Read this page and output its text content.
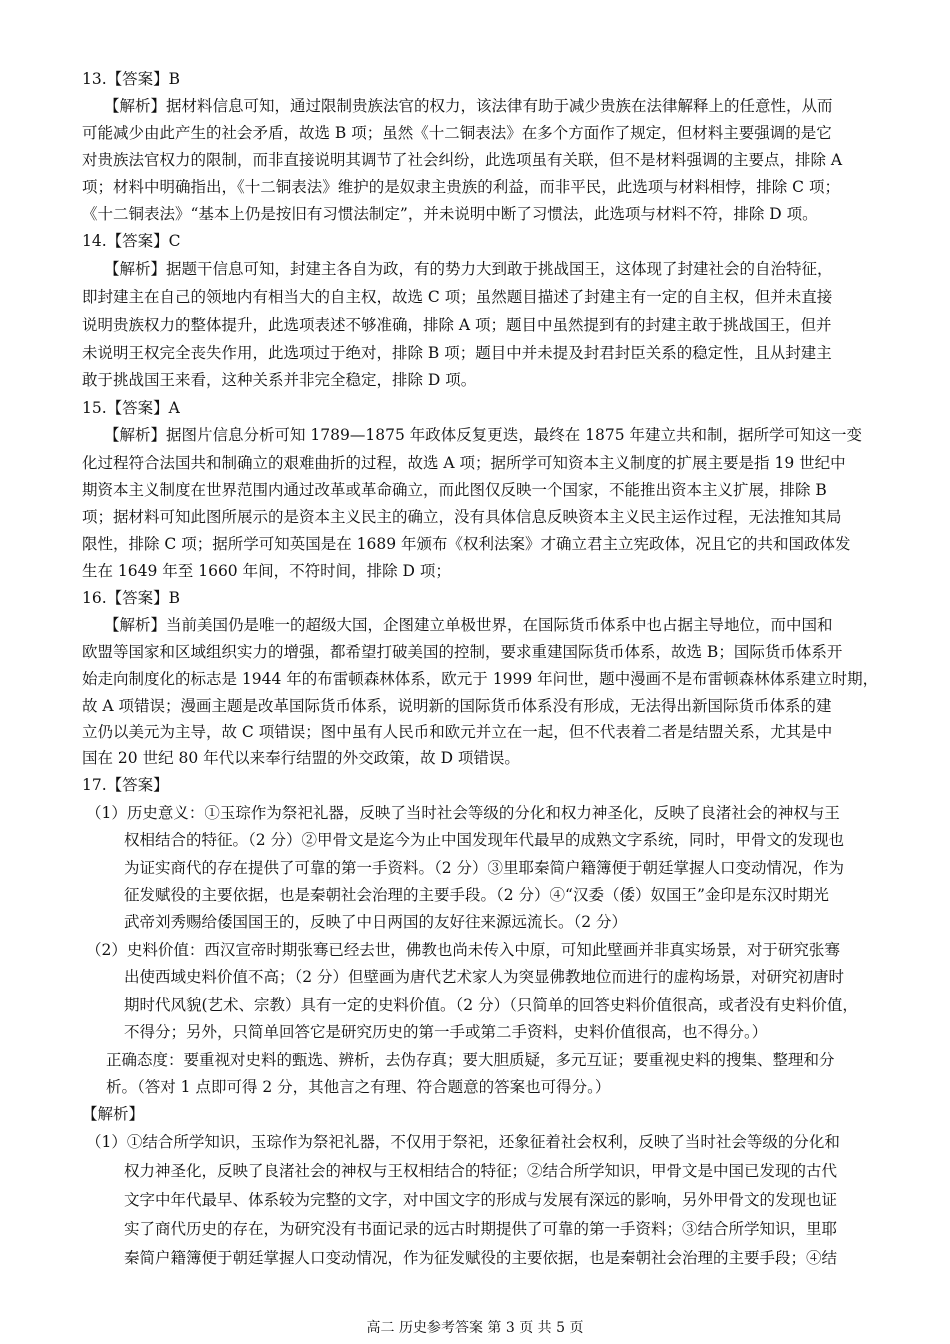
13.【答案】B
【解析】据材料信息可知，通过限制贵族法官的权力，该法律有助于减少贵族在法律解释上的任意性，从而
可能减少由此产生的社会矛盾，故选 B 项；虽然《十二铜表法》在多个方面作了规定，但材料主要强调的是它
对贵族法官权力的限制，而非直接说明其调节了社会纠纷，此选项虽有关联，但不是材料强调的主要点，排除 A
项；材料中明确指出，《十二铜表法》维护的是奴隶主贵族的利益，而非平民，此选项与材料相悖，排除 C 项；
《十二铜表法》“基本上仍是按旧有习惯法制定”，并未说明中断了习惯法，此选项与材料不符，排除 D 项。
14.【答案】C
【解析】据题干信息可知，封建主各自为政，有的势力大到敢于挑战国王，这体现了封建社会的自治特征，
即封建主在自己的领地内有相当大的自主权，故选 C 项；虽然题目描述了封建主有一定的自主权，但并未直接
说明贵族权力的整体提升，此选项表述不够准确，排除 A 项；题目中虽然提到有的封建主敢于挑战国王，但并
未说明王权完全丧失作用，此选项过于绝对，排除 B 项；题目中并未提及封君封臣关系的稳定性，且从封建主
敢于挑战国王来看，这种关系并非完全稳定，排除 D 项。
15.【答案】A
【解析】据图片信息分析可知 1789—1875 年政体反复更迭，最终在 1875 年建立共和制，据所学可知这一变
化过程符合法国共和制确立的艰难曲折的过程，故选 A 项；据所学可知资本主义制度的扩展主要是指 19 世纪中
期资本主义制度在世界范围内通过改革或革命确立，而此图仅反映一个国家，不能推出资本主义扩展，排除 B
项；据材料可知此图所展示的是资本主义民主的确立，没有具体信息反映资本主义民主运作过程，无法推知其局
限性，排除 C 项；据所学可知英国是在 1689 年颁布《权利法案》才确立君主立宪政体，况且它的共和国政体发
生在 1649 年至 1660 年间，不符时间，排除 D 项；
16.【答案】B
【解析】当前美国仍是唯一的超级大国，企图建立单极世界，在国际货币体系中也占据主导地位，而中国和
欧盟等国家和区域组织实力的增强，都希望打破美国的控制，要求重建国际货币体系，故选 B；国际货币体系开
始走向制度化的标志是 1944 年的布雷顿森林体系，欧元于 1999 年问世，题中漫画不是布雷顿森林体系建立时期，
故 A 项错误；漫画主题是改革国际货币体系，说明新的国际货币体系没有形成，无法得出新国际货币体系的建
立仍以美元为主导，故 C 项错误；图中虽有人民币和欧元并立在一起，但不代表着二者是结盟关系，尤其是中
国在 20 世纪 80 年代以来奉行结盟的外交政策，故 D 项错误。
17.【答案】
（1）历史意义：①玉琮作为祭祀礼器，反映了当时社会等级的分化和权力神圣化，反映了良渚社会的神权与王
权相结合的特征。（2 分）②甲骨文是迄今为止中国发现年代最早的成熟文字系统，同时，甲骨文的发现也
为证实商代的存在提供了可靠的第一手资料。（2 分）③里耶秦简户籍簿便于朝廷掌握人口变动情况，作为
征发赋役的主要依据，也是秦朝社会治理的主要手段。（2 分）④“汉委（倭）奴国王”金印是东汉时期光
武帝刘秀赐给倭国国王的，反映了中日两国的友好往来源远流长。（2 分）
（2）史料价值：西汉宣帝时期张骞已经去世，佛教也尚未传入中原，可知此壁画并非真实场景，对于研究张骞
出使西域史料价值不高；（2 分）但壁画为唐代艺术家人为突显佛教地位而进行的虚构场景，对研究初唐时
期时代风貌(艺术、宗教）具有一定的史料价值。（2 分）（只简单的回答史料价值很高，或者没有史料价值，
不得分；另外，只简单回答它是研究历史的第一手或第二手资料，史料价值很高，也不得分。）
正确态度：要重视对史料的甄选、辨析，去伪存真；要大胆质疑，多元互证；要重视史料的搜集、整理和分
析。（答对 1 点即可得 2 分，其他言之有理、符合题意的答案也可得分。）
【解析】
（1）①结合所学知识，玉琮作为祭祀礼器，不仅用于祭祀，还象征着社会权利，反映了当时社会等级的分化和
权力神圣化，反映了良渚社会的神权与王权相结合的特征；②结合所学知识，甲骨文是中国已发现的古代
文字中年代最早、体系较为完整的文字，对中国文字的形成与发展有深远的影响，另外甲骨文的发现也证
实了商代历史的存在，为研究没有书面记录的远古时期提供了可靠的第一手资料；③结合所学知识，里耶
秦简户籍簿便于朝廷掌握人口变动情况，作为征发赋役的主要依据，也是秦朝社会治理的主要手段；④结
高二 历史参考答案 第 3 页 共 5 页
